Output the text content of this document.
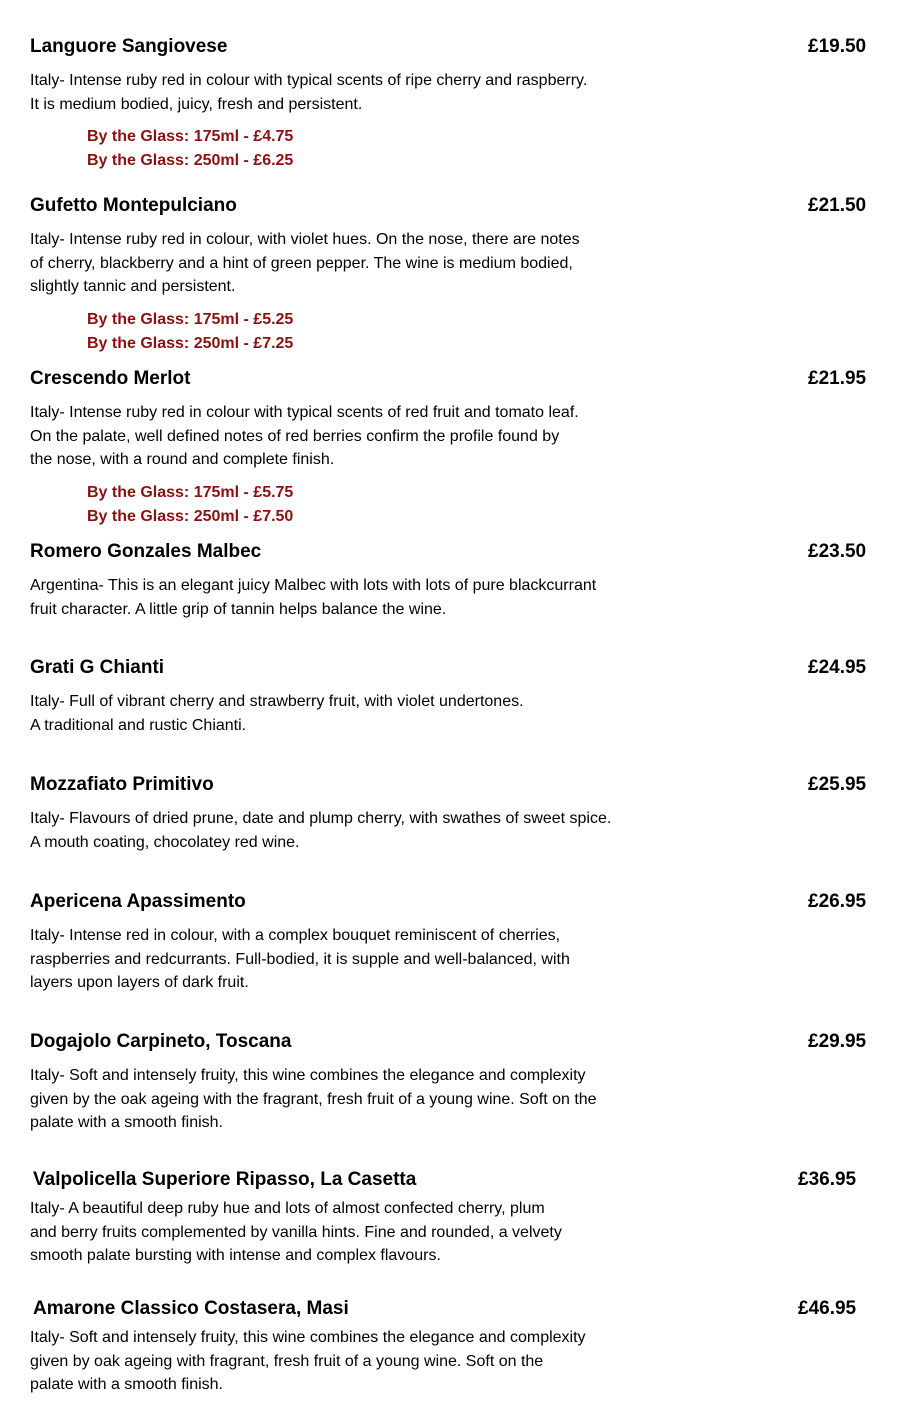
Languore Sangiovese	£19.50
Italy- Intense ruby red in colour with typical scents of ripe cherry and raspberry.
It is medium bodied, juicy, fresh and persistent.
By the Glass: 175ml - £4.75
By the Glass: 250ml - £6.25
Gufetto Montepulciano	£21.50
Italy- Intense ruby red in colour, with violet hues. On the nose, there are notes
of cherry, blackberry and a hint of green pepper. The wine is medium bodied,
slightly tannic and persistent.
By the Glass: 175ml - £5.25
By the Glass: 250ml - £7.25
Crescendo Merlot	£21.95
Italy- Intense ruby red in colour with typical scents of red fruit and tomato leaf.
On the palate, well defined notes of red berries confirm the profile found by
the nose, with a round and complete finish.
By the Glass: 175ml - £5.75
By the Glass: 250ml - £7.50
Romero Gonzales Malbec	£23.50
Argentina- This is an elegant juicy Malbec with lots with lots of pure blackcurrant
fruit character. A little grip of tannin helps balance the wine.
Grati G Chianti	£24.95
Italy- Full of vibrant cherry and strawberry fruit, with violet undertones.
A traditional and rustic Chianti.
Mozzafiato Primitivo	£25.95
Italy- Flavours of dried prune, date and plump cherry, with swathes of sweet spice.
A mouth coating, chocolatey red wine.
Apericena Apassimento	£26.95
Italy- Intense red in colour, with a complex bouquet reminiscent of cherries,
raspberries and redcurrants. Full-bodied, it is supple and well-balanced, with
layers upon layers of dark fruit.
Dogajolo Carpineto, Toscana	£29.95
Italy- Soft and intensely fruity, this wine combines the elegance and complexity
given by the oak ageing with the fragrant, fresh fruit of a young wine. Soft on the
palate with a smooth finish.
Valpolicella Superiore Ripasso, La Casetta	£36.95
Italy- A beautiful deep ruby hue and lots of almost confected cherry, plum
and berry fruits complemented by vanilla hints. Fine and rounded, a velvety
smooth palate bursting with intense and complex flavours.
Amarone Classico Costasera, Masi	£46.95
Italy- Soft and intensely fruity, this wine combines the elegance and complexity
given by oak ageing with fragrant, fresh fruit of a young wine. Soft on the
palate with a smooth finish.
